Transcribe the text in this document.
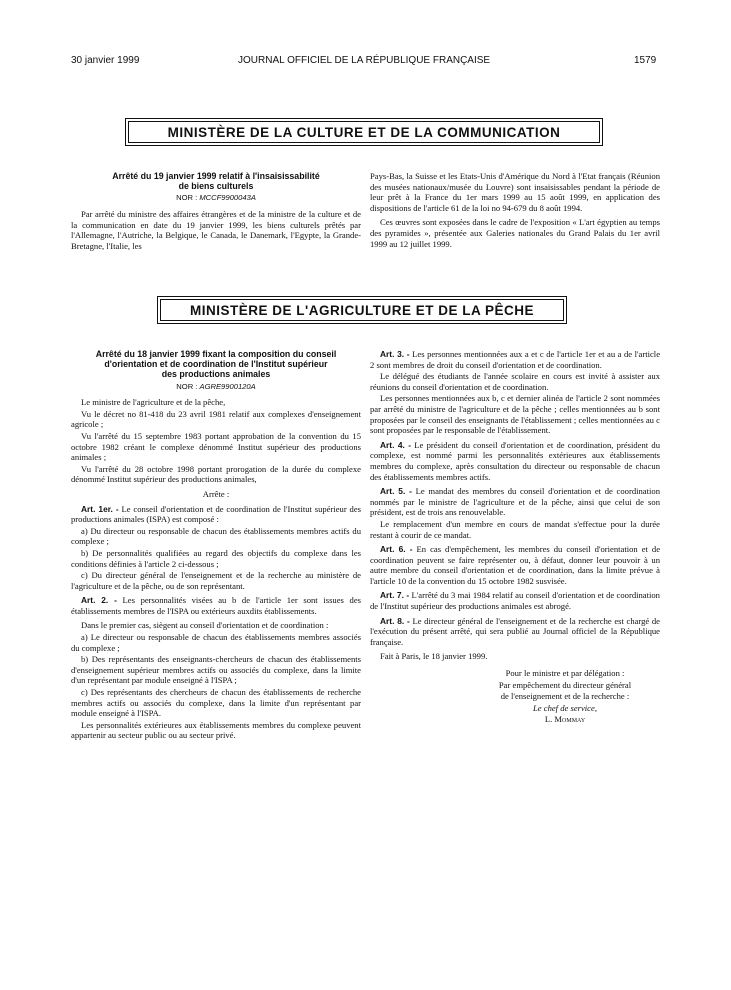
30 janvier 1999	JOURNAL OFFICIEL DE LA RÉPUBLIQUE FRANÇAISE	1579
MINISTÈRE DE LA CULTURE ET DE LA COMMUNICATION
Arrêté du 19 janvier 1999 relatif à l'insaisissabilité
de biens culturels
NOR : MCCF9900043A

Par arrêté du ministre des affaires étrangères et de la ministre de la culture et de la communication en date du 19 janvier 1999, les biens culturels prêtés par l'Allemagne, l'Autriche, la Belgique, le Canada, le Danemark, l'Egypte, la Grande-Bretagne, l'Italie, les

Pays-Bas, la Suisse et les Etats-Unis d'Amérique du Nord à l'Etat français (Réunion des musées nationaux/musée du Louvre) sont insaisissables pendant la période de leur prêt à la France du 1er mars 1999 au 15 août 1999, en application des dispositions de l'article 61 de la loi no 94-679 du 8 août 1994.

Ces œuvres sont exposées dans le cadre de l'exposition « L'art égyptien au temps des pyramides », présentée aux Galeries nationales du Grand Palais du 1er avril 1999 au 12 juillet 1999.

MINISTÈRE DE L'AGRICULTURE ET DE LA PÊCHE
Arrêté du 18 janvier 1999 fixant la composition du conseil
d'orientation et de coordination de l'Institut supérieur
des productions animales
NOR : AGRE9900120A

Le ministre de l'agriculture et de la pêche,

Vu le décret no 81-418 du 23 avril 1981 relatif aux complexes d'enseignement agricole ;

Vu l'arrêté du 15 septembre 1983 portant approbation de la convention du 15 octobre 1982 créant le complexe dénommé Institut supérieur des productions animales ;

Vu l'arrêté du 28 octobre 1998 portant prorogation de la durée du complexe dénommé Institut supérieur des productions animales,

Arrête :

Art. 1er. - Le conseil d'orientation et de coordination de l'Institut supérieur des productions animales (ISPA) est composé :

a) Du directeur ou responsable de chacun des établissements membres actifs du complexe ;

b) De personnalités qualifiées au regard des objectifs du complexe dans les conditions définies à l'article 2 ci-dessous ;

c) Du directeur général de l'enseignement et de la recherche au ministère de l'agriculture et de la pêche, ou de son représentant.

Art. 2. - Les personnalités visées au b de l'article 1er sont issues des établissements membres de l'ISPA ou extérieurs auxdits établissements.

Dans le premier cas, siègent au conseil d'orientation et de coordination :

a) Le directeur ou responsable de chacun des établissements membres associés du complexe ;

b) Des représentants des enseignants-chercheurs de chacun des établissements d'enseignement supérieur membres actifs ou associés du complexe, dans la limite d'un représentant par module enseigné à l'ISPA ;

c) Des représentants des chercheurs de chacun des établissements de recherche membres actifs ou associés du complexe, dans la limite d'un représentant par module enseigné à l'ISPA.

Les personnalités extérieures aux établissements membres du complexe peuvent appartenir au secteur public ou au secteur privé.

Art. 3. - Les personnes mentionnées aux a et c de l'article 1er et au a de l'article 2 sont membres de droit du conseil d'orientation et de coordination.

Le délégué des étudiants de l'année scolaire en cours est invité à assister aux réunions du conseil d'orientation et de coordination.

Les personnes mentionnées aux b, c et dernier alinéa de l'article 2 sont nommées par arrêté du ministre de l'agriculture et de la pêche ; celles mentionnées au b sont proposées par le conseil des enseignants de l'établissement ; celles mentionnées au c sont proposées par le responsable de l'établissement.

Art. 4. - Le président du conseil d'orientation et de coordination, président du complexe, est nommé parmi les personnalités extérieures aux établissements membres du complexe, après consultation du directeur ou responsable de chacun des établissements membres actifs.

Art. 5. - Le mandat des membres du conseil d'orientation et de coordination nommés par le ministre de l'agriculture et de la pêche, ainsi que celui de son président, est de trois ans renouvelable.

Le remplacement d'un membre en cours de mandat s'effectue pour la durée restant à courir de ce mandat.

Art. 6. - En cas d'empêchement, les membres du conseil d'orientation et de coordination peuvent se faire représenter ou, à défaut, donner leur pouvoir à un autre membre du conseil d'orientation et de coordination, dans la limite prévue à l'article 10 de la convention du 15 octobre 1982 susvisée.

Art. 7. - L'arrêté du 3 mai 1984 relatif au conseil d'orientation et de coordination de l'Institut supérieur des productions animales est abrogé.

Art. 8. - Le directeur général de l'enseignement et de la recherche est chargé de l'exécution du présent arrêté, qui sera publié au Journal officiel de la République française.

Fait à Paris, le 18 janvier 1999.

Pour le ministre et par délégation :

Par empêchement du directeur général

de l'enseignement et de la recherche :

Le chef de service,

L. Mommay
